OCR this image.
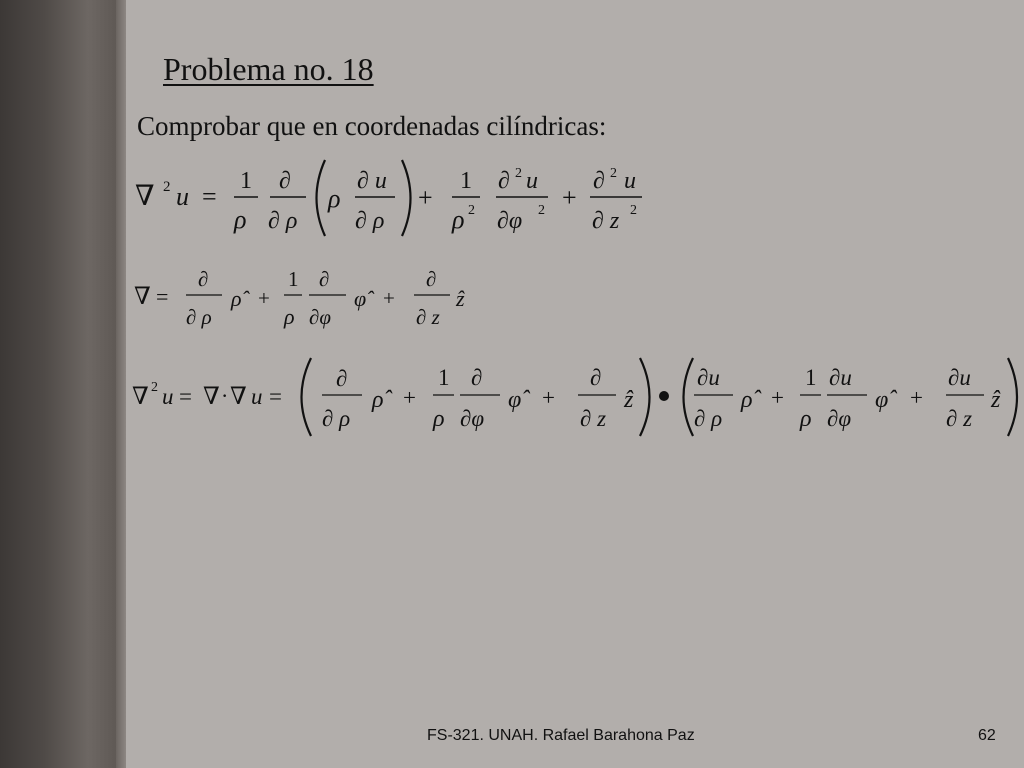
Problema no. 18
Comprobar que en coordenadas cilíndricas:
∇ 2 u =
1
ρ
∂
∂ ρ
ρ
∂ u
∂ ρ
+
1
ρ 2
∂ 2 u
∂φ 2 +
∂ 2 u
∂ z 2
∇ =
∂
∂ ρ
ρ̂ +
1
ρ
∂
∂φ
φ̂ +
∂
∂ z
ẑ
∇ 2 u = ∇ · ∇ u =
∂
∂ ρ
ρ̂ +
1
ρ
∂
∂φ
φ̂ +
∂
∂ z
ẑ
∂u
∂ ρ
ρ̂ +
1
ρ
∂u
∂φ
φ̂ +
∂u
∂ z
ẑ
FS-321. UNAH. Rafael Barahona Paz	62
